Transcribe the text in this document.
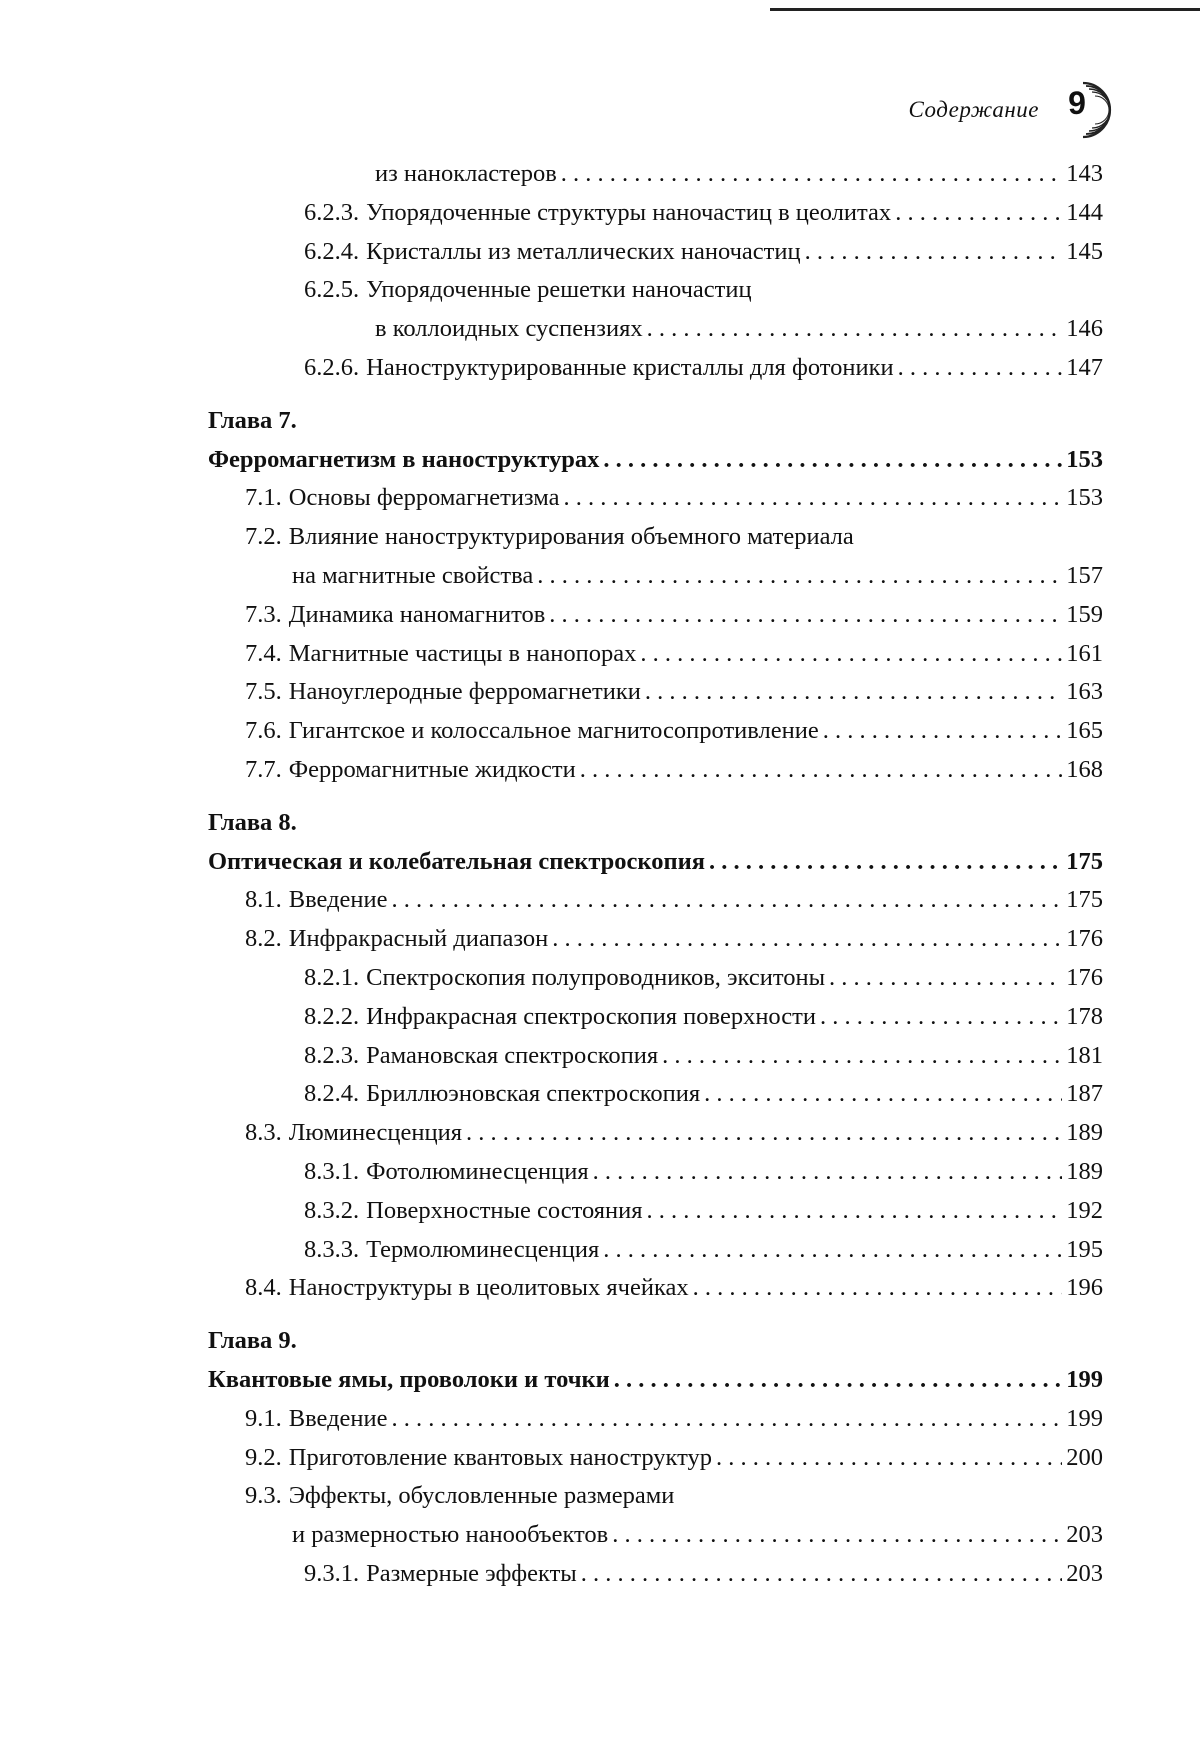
Содержание 9
из нанокластеров . . .	143
6.2.3. Упорядоченные структуры наночастиц в цеолитах . . .	144
6.2.4. Кристаллы из металлических наночастиц . . .	145
6.2.5. Упорядоченные решетки наночастиц
в коллоидных суспензиях . . .	146
6.2.6. Наноструктурированные кристаллы для фотоники . . .	147
Глава 7.
Ферромагнетизм в наноструктурах . . .	153
7.1. Основы ферромагнетизма . . .	153
7.2. Влияние наноструктурирования объемного материала
на магнитные свойства . . .	157
7.3. Динамика наномагнитов . . .	159
7.4. Магнитные частицы в нанопорах . . .	161
7.5. Наноуглеродные ферромагнетики . . .	163
7.6. Гигантское и колоссальное магнитосопротивление . . .	165
7.7. Ферромагнитные жидкости . . .	168
Глава 8.
Оптическая и колебательная спектроскопия . . .	175
8.1. Введение . . .	175
8.2. Инфракрасный диапазон . . .	176
8.2.1. Спектроскопия полупроводников, экситоны . . .	176
8.2.2. Инфракрасная спектроскопия поверхности . . .	178
8.2.3. Рамановская спектроскопия . . .	181
8.2.4. Бриллюэновская спектроскопия . . .	187
8.3. Люминесценция . . .	189
8.3.1. Фотолюминесценция . . .	189
8.3.2. Поверхностные состояния . . .	192
8.3.3. Термолюминесценция . . .	195
8.4. Наноструктуры в цеолитовых ячейках . . .	196
Глава 9.
Квантовые ямы, проволоки и точки . . .	199
9.1. Введение . . .	199
9.2. Приготовление квантовых наноструктур . . .	200
9.3. Эффекты, обусловленные размерами
и размерностью нанообъектов . . .	203
9.3.1. Размерные эффекты . . .	203
